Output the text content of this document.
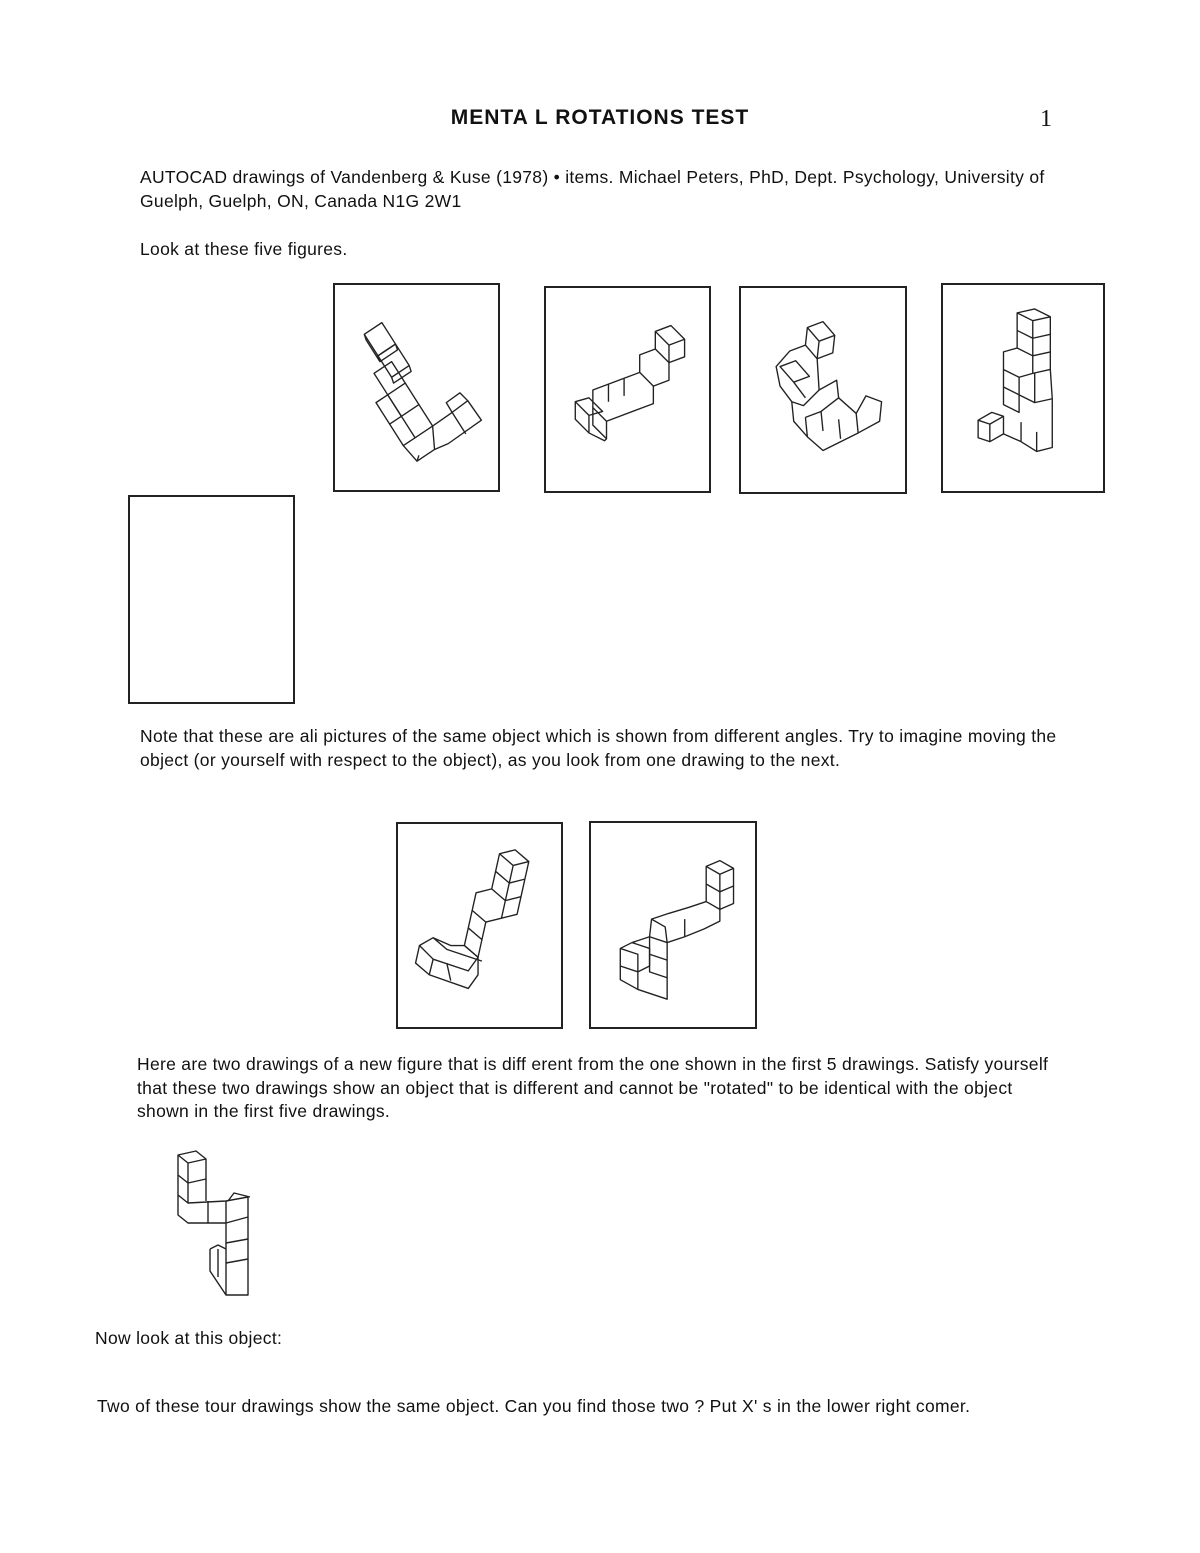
MENTA L ROTATIONS TEST	1
AUTOCAD drawings of Vandenberg & Kuse (1978) • items. Michael Peters, PhD, Dept. Psychology, University of Guelph, Guelph, ON, Canada N1G 2W1
Look at these five figures.
Note that these are ali pictures of the same object which is shown from different angles. Try to imagine moving the object (or yourself with respect to the object), as you look from one drawing to the next.
Here are two drawings of a new figure that is diff erent from the one shown in the first 5 drawings. Satisfy yourself that these two drawings show an object that is different and cannot be "rotated" to be identical with the object shown in the first five drawings.
Now look at this object:
Two of these tour drawings show the same object. Can you find those two ? Put X' s in the lower right comer.
